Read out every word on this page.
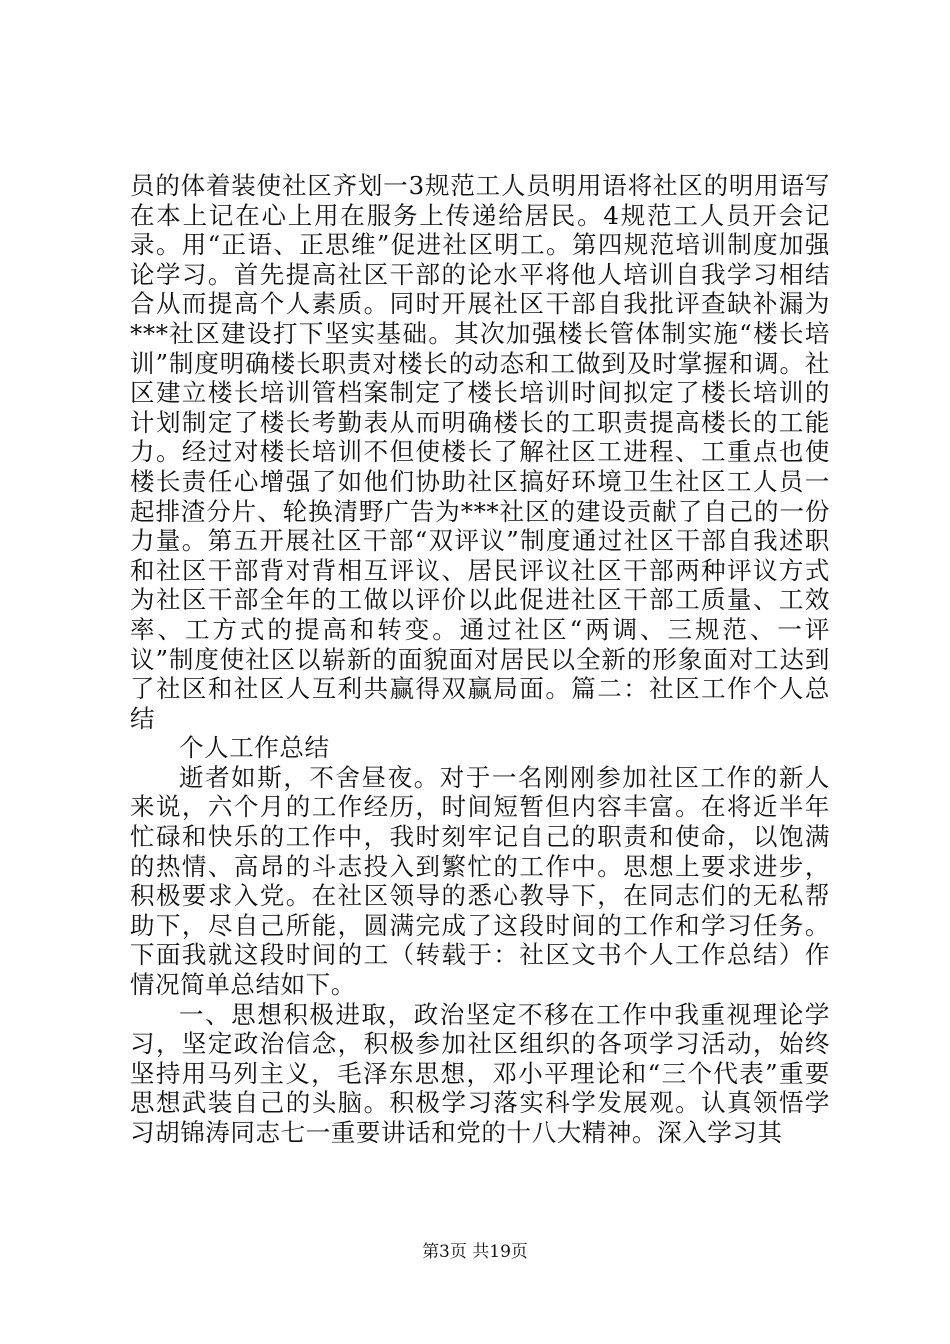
员的体着装使社区齐划一3规范工人员明用语将社区的明用语写在本上记在心上用在服务上传递给居民。4规范工人员开会记录。用“正语、正思维”促进社区明工。第四规范培训制度加强论学习。首先提高社区干部的论水平将他人培训自我学习相结合从而提高个人素质。同时开展社区干部自我批评查缺补漏为***社区建设打下坚实基础。其次加强楼长管体制实施“楼长培训”制度明确楼长职责对楼长的动态和工做到及时掌握和调。社区建立楼长培训管档案制定了楼长培训时间拟定了楼长培训的计划制定了楼长考勤表从而明确楼长的工职责提高楼长的工能力。经过对楼长培训不但使楼长了解社区工进程、工重点也使楼长责任心增强了如他们协助社区搞好环境卫生社区工人员一起排渣分片、轮换清野广告为***社区的建设贡献了自己的一份力量。第五开展社区干部“双评议”制度通过社区干部自我述职和社区干部背对背相互评议、居民评议社区干部两种评议方式为社区干部全年的工做以评价以此促进社区干部工质量、工效率、工方式的提高和转变。通过社区“两调、三规范、一评议”制度使社区以崭新的面貌面对居民以全新的形象面对工达到了社区和社区人互利共赢得双赢局面。篇二：社区工作个人总结

个人工作总结

逝者如斯，不舍昼夜。对于一名刚刚参加社区工作的新人来说，六个月的工作经历，时间短暂但内容丰富。在将近半年忙碌和快乐的工作中，我时刻牢记自己的职责和使命，以饱满的热情、高昂的斗志投入到繁忙的工作中。思想上要求进步，积极要求入党。在社区领导的悉心教导下，在同志们的无私帮助下，尽自己所能，圆满完成了这段时间的工作和学习任务。下面我就这段时间的工（转载于：社区文书个人工作总结）作情况简单总结如下。

一、思想积极进取，政治坚定不移在工作中我重视理论学习，坚定政治信念，积极参加社区组织的各项学习活动，始终坚持用马列主义，毛泽东思想，邓小平理论和“三个代表”重要思想武装自己的头脑。积极学习落实科学发展观。认真领悟学习胡锦涛同志七一重要讲话和党的十八大精神。深入学习其

第3页 共19页
